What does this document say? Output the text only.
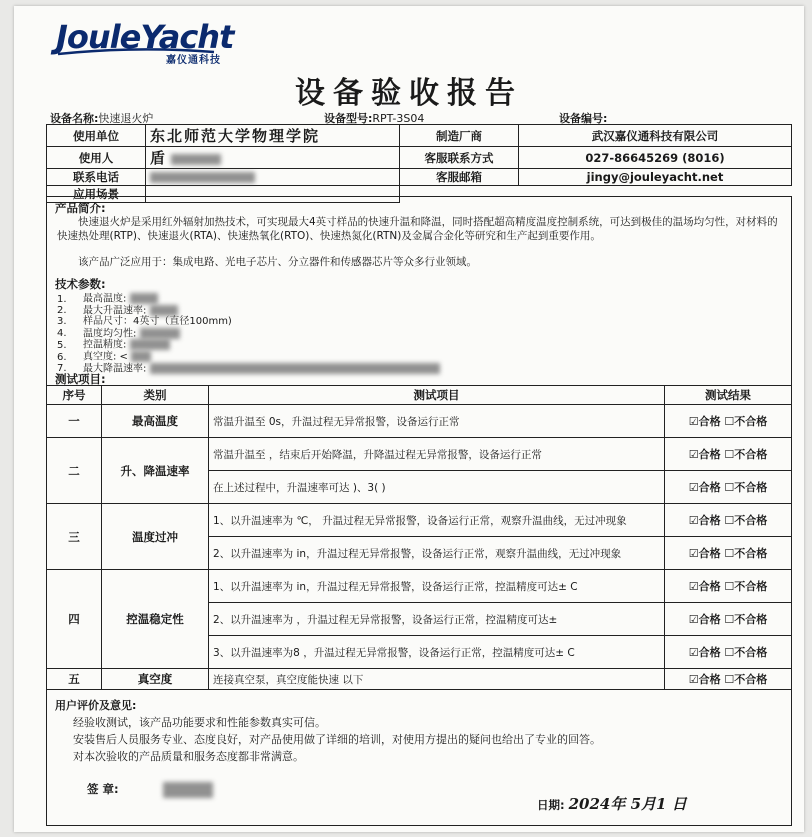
JouleYacht
嘉仪通科技
设备验收报告
设备名称:快速退火炉	设备型号:RPT-3S04	设备编号:
使用单位	东北师范大学物理学院	制造厂商	武汉嘉仪通科技有限公司
使用人	盾	客服联系方式	027-86645269 (8016)
联系电话		客服邮箱	jingy@jouleyacht.net
应用场景			
产品简介:
快速退火炉是采用红外辐射加热技术，可实现最大4英寸样品的快速升温和降温，同时搭配超高精度温度控制系统，可达到极佳的温场均匀性，对材料的快速热处理(RTP)、快速退火(RTA)、快速热氧化(RTO)、快速热氮化(RTN)及金属合金化等研究和生产起到重要作用。
该产品广泛应用于：集成电路、光电子芯片、分立器件和传感器芯片等众多行业领域。
技术参数:
1. 最高温度:
2. 最大升温速率:
3. 样品尺寸：4英寸（直径100mm)
4. 温度均匀性:
5. 控温精度:
6. 真空度: <
7. 最大降温速率:
测试项目:
序号	类别	测试项目	测试结果
一	最高温度	常温升温至 0s，升温过程无异常报警，设备运行正常	☑合格 ☐不合格
二	升、降温速率	常温升温至 ，结束后开始降温，升降温过程无异常报警，设备运行正常	☑合格 ☐不合格
		在上述过程中，升温速率可达 )、3( )	☑合格 ☐不合格
三	温度过冲	1、以升温速率为 ℃， 升温过程无异常报警，设备运行正常，观察升温曲线，无过冲现象	☑合格 ☐不合格
		2、以升温速率为 in，升温过程无异常报警，设备运行正常，观察升温曲线，无过冲现象	☑合格 ☐不合格
四	控温稳定性	1、以升温速率为 in，升温过程无异常报警，设备运行正常，控温精度可达± C	☑合格 ☐不合格
		2、以升温速率为 ，升温过程无异常报警，设备运行正常，控温精度可达±	☑合格 ☐不合格
		3、以升温速率为8 ，升温过程无异常报警，设备运行正常，控温精度可达± C	☑合格 ☐不合格
五	真空度	连接真空泵，真空度能快速 以下	☑合格 ☐不合格
用户评价及意见:

经验收测试，该产品功能要求和性能参数真实可信。

安装售后人员服务专业、态度良好，对产品使用做了详细的培训，对使用方提出的疑问也给出了专业的回答。

对本次验收的产品质量和服务态度都非常满意。

签 章:
日期: 2024年 5月1 日
